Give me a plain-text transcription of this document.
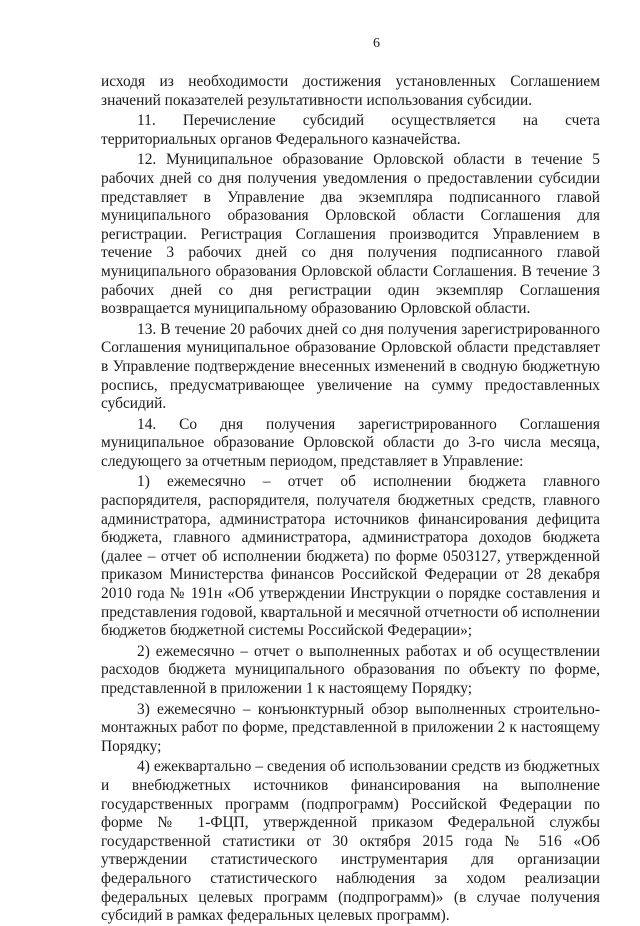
6

исходя из необходимости достижения установленных Соглашением значений показателей результативности использования субсидии.

11. Перечисление субсидий осуществляется на счета территориальных органов Федерального казначейства.

12. Муниципальное образование Орловской области в течение 5 рабочих дней со дня получения уведомления о предоставлении субсидии представляет в Управление два экземпляра подписанного главой муниципального образования Орловской области Соглашения для регистрации. Регистрация Соглашения производится Управлением в течение 3 рабочих дней со дня получения подписанного главой муниципального образования Орловской области Соглашения. В течение 3 рабочих дней со дня регистрации один экземпляр Соглашения возвращается муниципальному образованию Орловской области.

13. В течение 20 рабочих дней со дня получения зарегистрированного Соглашения муниципальное образование Орловской области представляет в Управление подтверждение внесенных изменений в сводную бюджетную роспись, предусматривающее увеличение на сумму предоставленных субсидий.

14. Со дня получения зарегистрированного Соглашения муниципальное образование Орловской области до 3-го числа месяца, следующего за отчетным периодом, представляет в Управление:

1) ежемесячно – отчет об исполнении бюджета главного распорядителя, распорядителя, получателя бюджетных средств, главного администратора, администратора источников финансирования дефицита бюджета, главного администратора, администратора доходов бюджета (далее – отчет об исполнении бюджета) по форме 0503127, утвержденной приказом Министерства финансов Российской Федерации от 28 декабря 2010 года № 191н «Об утверждении Инструкции о порядке составления и представления годовой, квартальной и месячной отчетности об исполнении бюджетов бюджетной системы Российской Федерации»;

2) ежемесячно – отчет о выполненных работах и об осуществлении расходов бюджета муниципального образования по объекту по форме, представленной в приложении 1 к настоящему Порядку;

3) ежемесячно – конъюнктурный обзор выполненных строительно-монтажных работ по форме, представленной в приложении 2 к настоящему Порядку;

4) ежеквартально – сведения об использовании средств из бюджетных и внебюджетных источников финансирования на выполнение государственных программ (подпрограмм) Российской Федерации по форме № 1-ФЦП, утвержденной приказом Федеральной службы государственной статистики от 30 октября 2015 года № 516 «Об утверждении статистического инструментария для организации федерального статистического наблюдения за ходом реализации федеральных целевых программ (подпрограмм)» (в случае получения субсидий в рамках федеральных целевых программ).
